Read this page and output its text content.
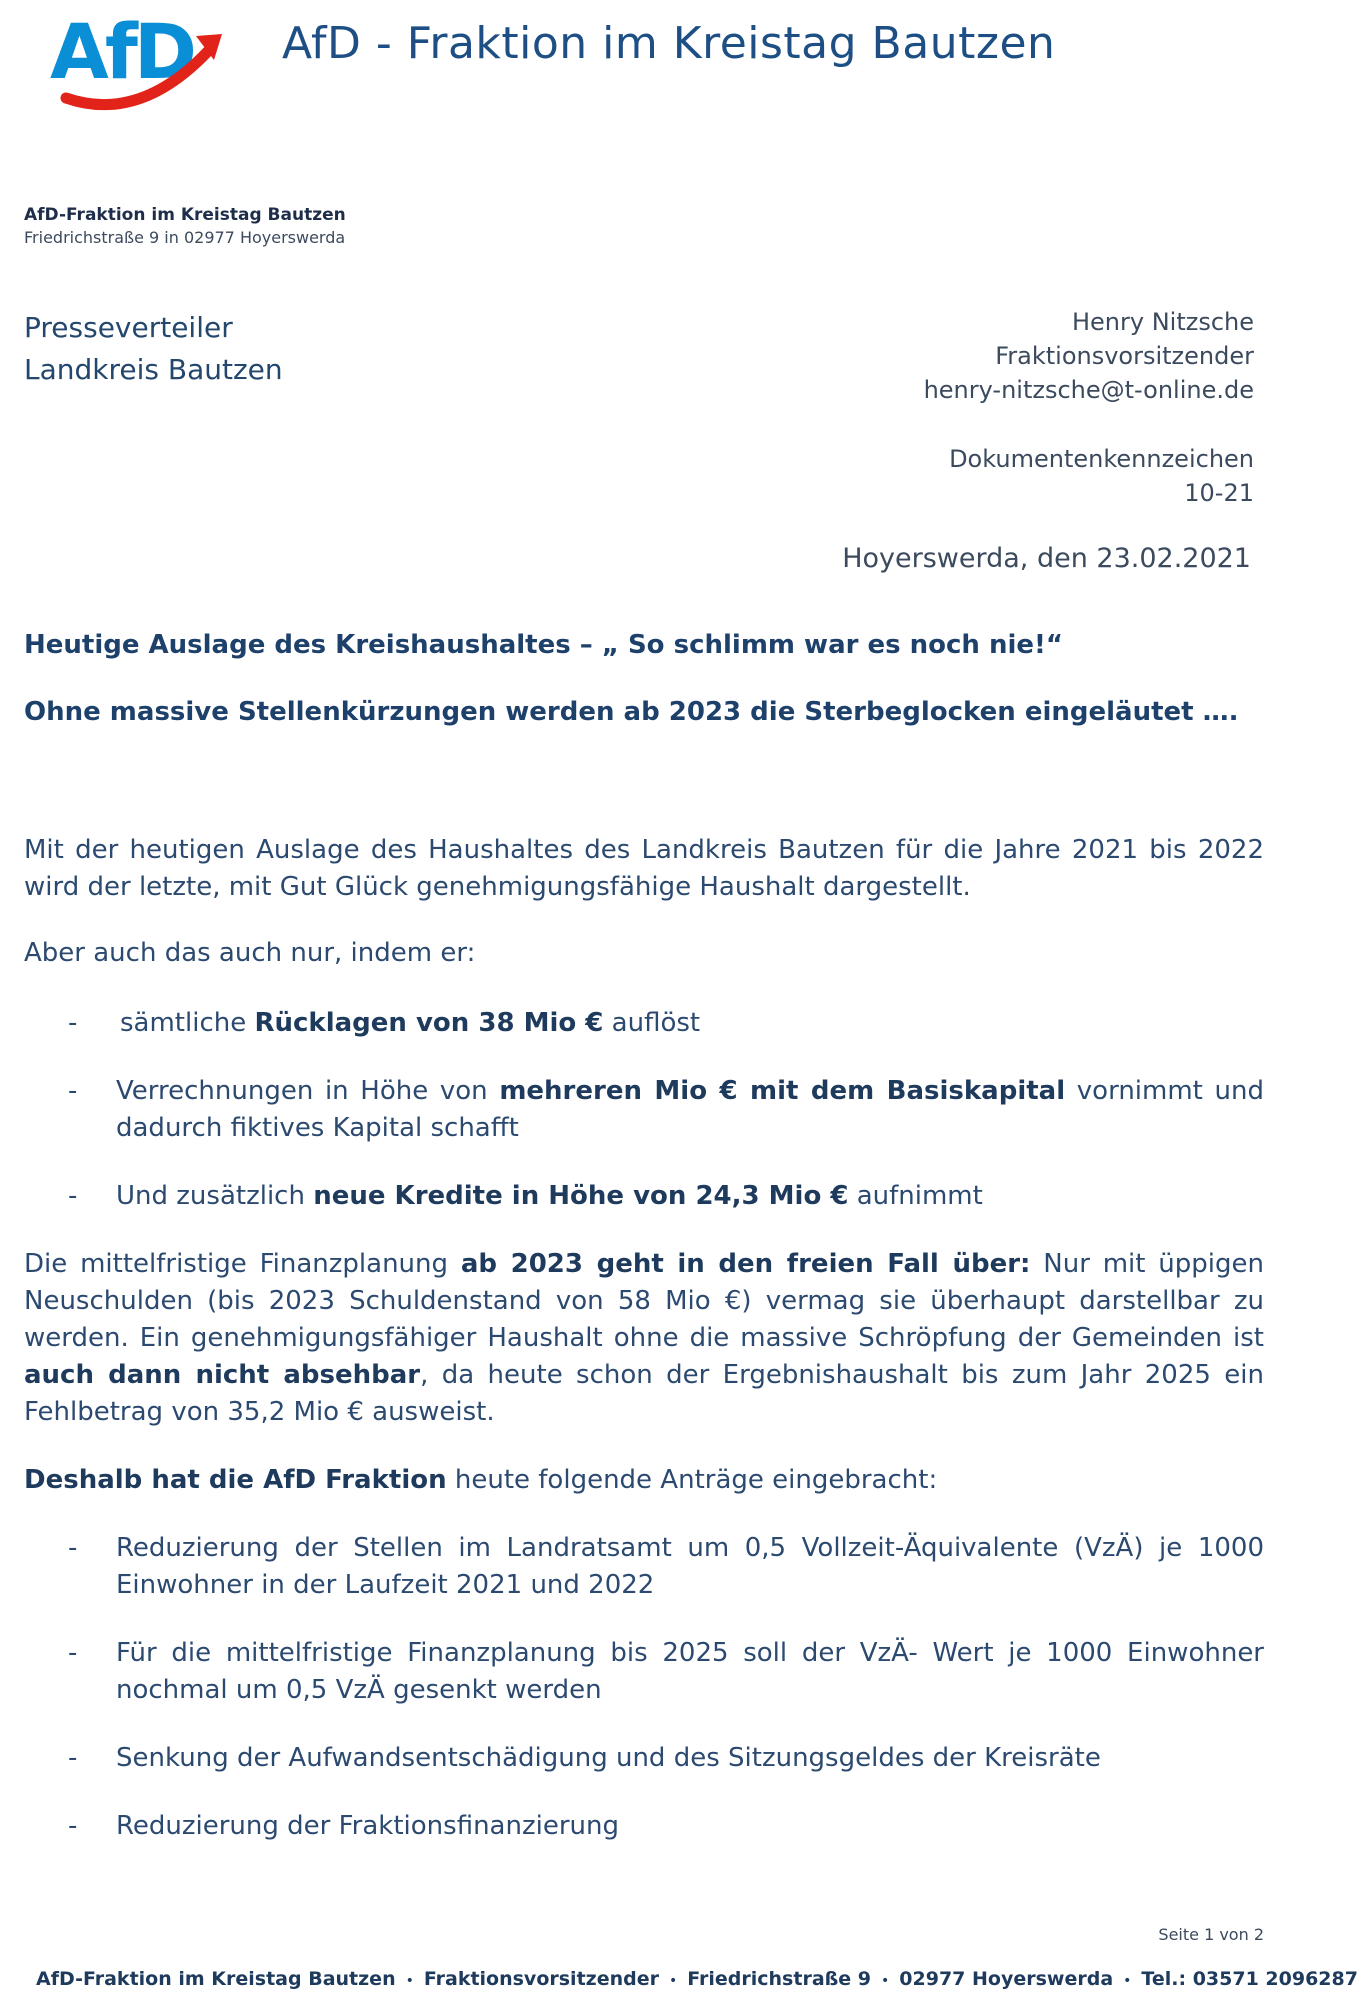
AfD AfD - Fraktion im Kreistag Bautzen
AfD-Fraktion im Kreistag Bautzen
Friedrichstraße 9 in 02977 Hoyerswerda
Presseverteiler
Landkreis Bautzen
Henry Nitzsche
Fraktionsvorsitzender
henry-nitzsche@t-online.de
Dokumentenkennzeichen
10-21
Hoyerswerda, den 23.02.2021
Heutige Auslage des Kreishaushaltes – „ So schlimm war es noch nie!“
Ohne massive Stellenkürzungen werden ab 2023 die Sterbeglocken eingeläutet ….
Mit der heutigen Auslage des Haushaltes des Landkreis Bautzen für die Jahre 2021 bis 2022 wird der letzte, mit Gut Glück genehmigungsfähige Haushalt dargestellt.
Aber auch das auch nur, indem er:
- sämtliche Rücklagen von 38 Mio € auflöst
- Verrechnungen in Höhe von mehreren Mio € mit dem Basiskapital vornimmt und dadurch fiktives Kapital schafft
- Und zusätzlich neue Kredite in Höhe von 24,3 Mio € aufnimmt
Die mittelfristige Finanzplanung ab 2023 geht in den freien Fall über: Nur mit üppigen Neuschulden (bis 2023 Schuldenstand von 58 Mio €) vermag sie überhaupt darstellbar zu werden. Ein genehmigungsfähiger Haushalt ohne die massive Schröpfung der Gemeinden ist auch dann nicht absehbar, da heute schon der Ergebnishaushalt bis zum Jahr 2025 ein Fehlbetrag von 35,2 Mio € ausweist.
Deshalb hat die AfD Fraktion heute folgende Anträge eingebracht:
- Reduzierung der Stellen im Landratsamt um 0,5 Vollzeit-Äquivalente (VzÄ) je 1000 Einwohner in der Laufzeit 2021 und 2022
- Für die mittelfristige Finanzplanung bis 2025 soll der VzÄ- Wert je 1000 Einwohner nochmal um 0,5 VzÄ gesenkt werden
- Senkung der Aufwandsentschädigung und des Sitzungsgeldes der Kreisräte
- Reduzierung der Fraktionsfinanzierung
Seite 1 von 2
AfD-Fraktion im Kreistag Bautzen • Fraktionsvorsitzender • Friedrichstraße 9 • 02977 Hoyerswerda • Tel.: 03571 2096287
